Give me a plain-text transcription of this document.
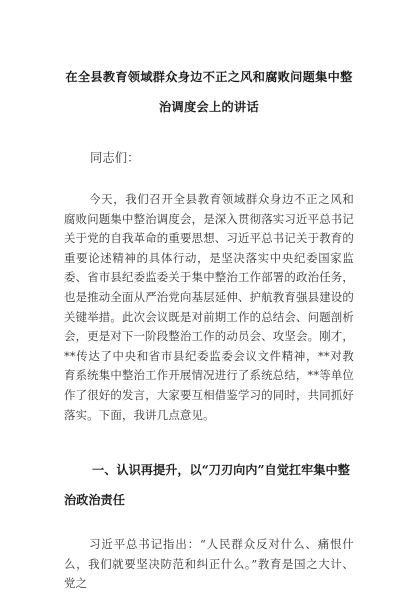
在全县教育领域群众身边不正之风和腐败问题集中整治调度会上的讲话
同志们：
今天，我们召开全县教育领域群众身边不正之风和腐败问题集中整治调度会，是深入贯彻落实习近平总书记关于党的自我革命的重要思想、习近平总书记关于教育的重要论述精神的具体行动，是坚决落实中央纪委国家监委、省市县纪委监委关于集中整治工作部署的政治任务，也是推动全面从严治党向基层延伸、护航教育强县建设的关键举措。此次会议既是对前期工作的总结会、问题剖析会，更是对下一阶段整治工作的动员会、攻坚会。刚才，**传达了中央和省市县纪委监委会议文件精神，**对教育系统集中整治工作开展情况进行了系统总结，**等单位作了很好的发言，大家要互相借鉴学习的同时，共同抓好落实。下面，我讲几点意见。
一、认识再提升，以“刀刃向内”自觉扛牢集中整治政治责任
习近平总书记指出：“人民群众反对什么、痛恨什么，我们就要坚决防范和纠正什么。”教育是国之大计、党之
